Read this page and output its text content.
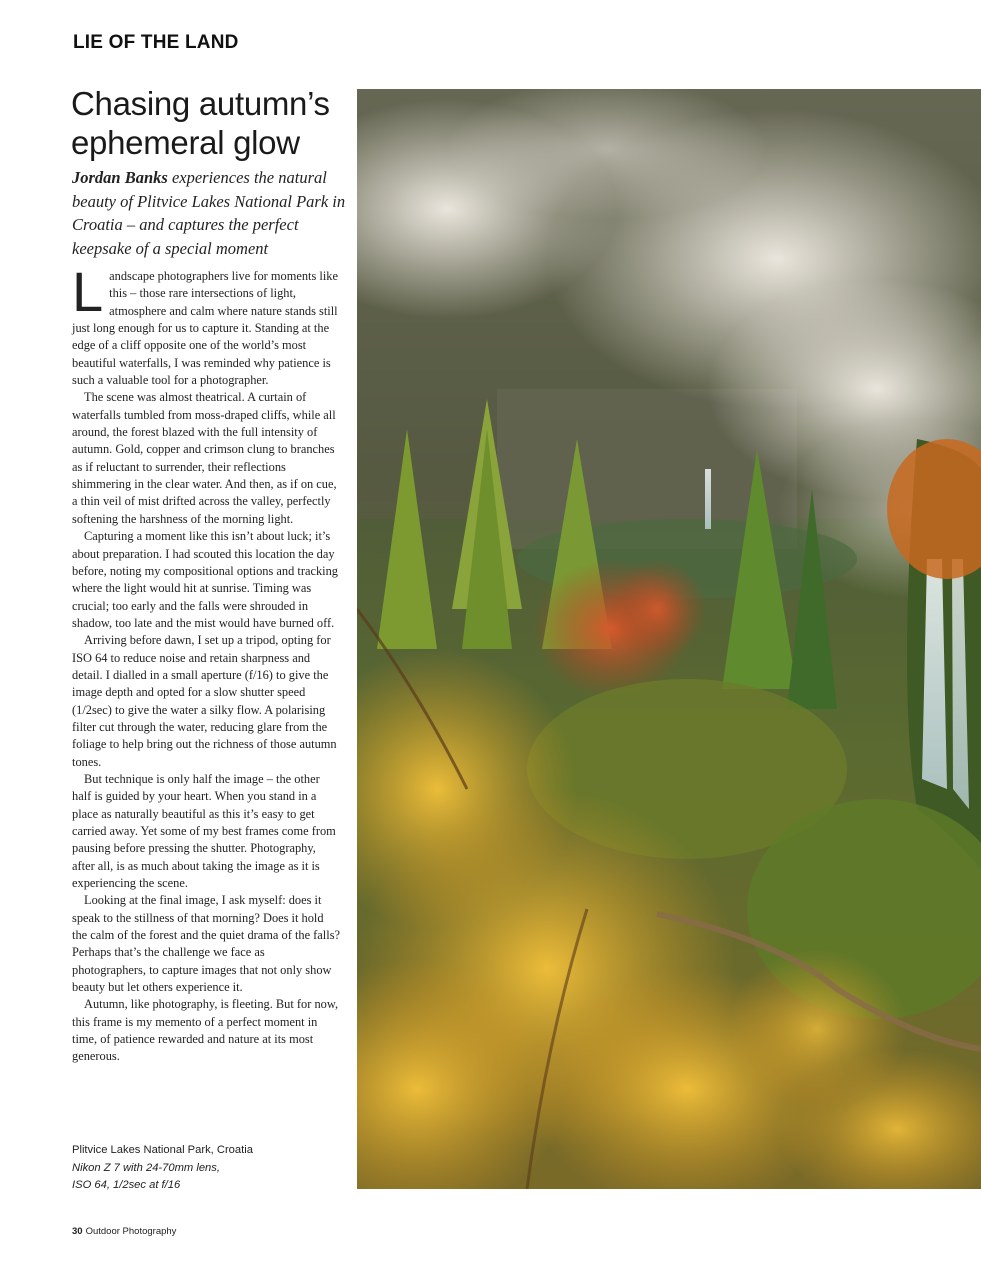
LIE OF THE LAND
Chasing autumn’s
ephemeral glow

Jordan Banks experiences the natural beauty of Plitvice Lakes National Park in Croatia – and captures the perfect keepsake of a special moment

Landscape photographers live for moments like this – those rare intersections of light, atmosphere and calm where nature stands still just long enough for us to capture it. Standing at the edge of a cliff opposite one of the world’s most beautiful waterfalls, I was reminded why patience is such a valuable tool for a photographer.

The scene was almost theatrical. A curtain of waterfalls tumbled from moss-draped cliffs, while all around, the forest blazed with the full intensity of autumn. Gold, copper and crimson clung to branches as if reluctant to surrender, their reflections shimmering in the clear water. And then, as if on cue, a thin veil of mist drifted across the valley, perfectly softening the harshness of the morning light.

Capturing a moment like this isn’t about luck; it’s about preparation. I had scouted this location the day before, noting my compositional options and tracking where the light would hit at sunrise. Timing was crucial; too early and the falls were shrouded in shadow, too late and the mist would have burned off.

Arriving before dawn, I set up a tripod, opting for ISO 64 to reduce noise and retain sharpness and detail. I dialled in a small aperture (f/16) to give the image depth and opted for a slow shutter speed (1/2sec) to give the water a silky flow. A polarising filter cut through the water, reducing glare from the foliage to help bring out the richness of those autumn tones.

But technique is only half the image – the other half is guided by your heart. When you stand in a place as naturally beautiful as this it’s easy to get carried away. Yet some of my best frames come from pausing before pressing the shutter. Photography, after all, is as much about taking the image as it is experiencing the scene.

Looking at the final image, I ask myself: does it speak to the stillness of that morning? Does it hold the calm of the forest and the quiet drama of the falls? Perhaps that’s the challenge we face as photographers, to capture images that not only show beauty but let others experience it.

Autumn, like photography, is fleeting. But for now, this frame is my memento of a perfect moment in time, of patience rewarded and nature at its most generous.

Plitvice Lakes National Park, Croatia
Nikon Z 7 with 24-70mm lens,
ISO 64, 1/2sec at f/16
30 Outdoor Photography
